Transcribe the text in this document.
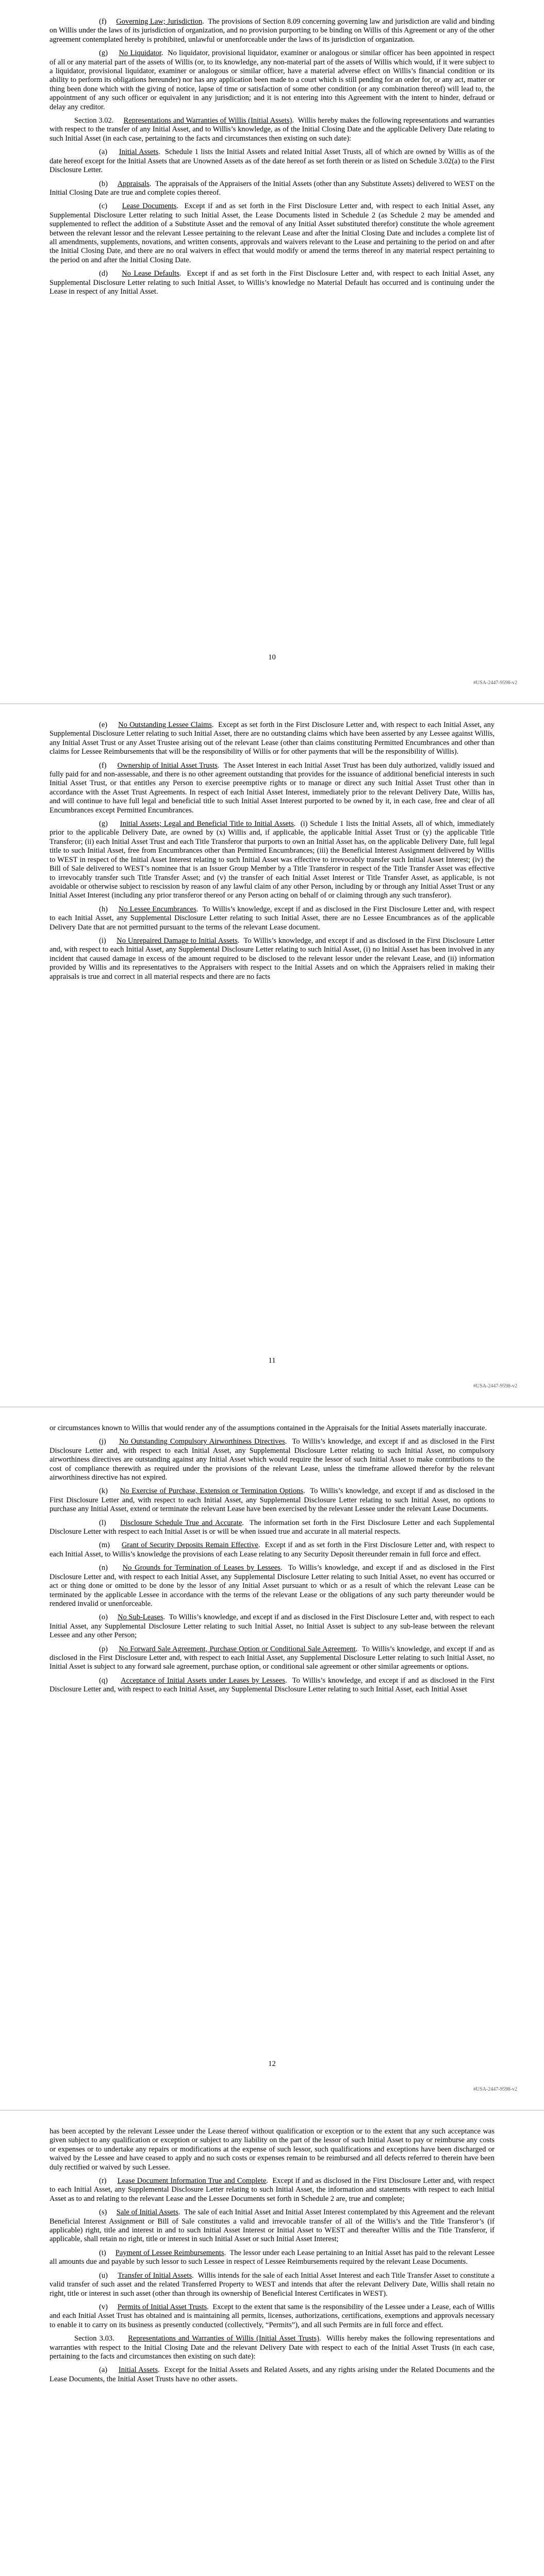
(f) Governing Law; Jurisdiction.  The provisions of Section 8.09 concerning governing law and jurisdiction are valid and binding on Willis under the laws of its jurisdiction of organization, and no provision purporting to be binding on Willis of this Agreement or any of the other agreement contemplated hereby is prohibited, unlawful or unenforceable under the laws of its jurisdiction of organization.

(g) No Liquidator.  No liquidator, provisional liquidator, examiner or analogous or similar officer has been appointed in respect of all or any material part of the assets of Willis (or, to its knowledge, any non-material part of the assets of Willis which would, if it were subject to a liquidator, provisional liquidator, examiner or analogous or similar officer, have a material adverse effect on Willis’s financial condition or its ability to perform its obligations hereunder) nor has any application been made to a court which is still pending for an order for, or any act, matter or thing been done which with the giving of notice, lapse of time or satisfaction of some other condition (or any combination thereof) will lead to, the appointment of any such officer or equivalent in any jurisdiction; and it is not entering into this Agreement with the intent to hinder, defraud or delay any creditor.

Section 3.02. Representations and Warranties of Willis (Initial Assets).  Willis hereby makes the following representations and warranties with respect to the transfer of any Initial Asset, and to Willis’s knowledge, as of the Initial Closing Date and the applicable Delivery Date relating to such Initial Asset (in each case, pertaining to the facts and circumstances then existing on such date):

(a) Initial Assets.  Schedule 1 lists the Initial Assets and related Initial Asset Trusts, all of which are owned by Willis as of the date hereof except for the Initial Assets that are Unowned Assets as of the date hereof as set forth therein or as listed on Schedule 3.02(a) to the First Disclosure Letter.

(b) Appraisals.  The appraisals of the Appraisers of the Initial Assets (other than any Substitute Assets) delivered to WEST on the Initial Closing Date are true and complete copies thereof.

(c) Lease Documents.  Except if and as set forth in the First Disclosure Letter and, with respect to each Initial Asset, any Supplemental Disclosure Letter relating to such Initial Asset, the Lease Documents listed in Schedule 2 (as Schedule 2 may be amended and supplemented to reflect the addition of a Substitute Asset and the removal of any Initial Asset substituted therefor) constitute the whole agreement between the relevant lessor and the relevant Lessee pertaining to the relevant Lease and after the Initial Closing Date and includes a complete list of all amendments, supplements, novations, and written consents, approvals and waivers relevant to the Lease and pertaining to the period on and after the Initial Closing Date, and there are no oral waivers in effect that would modify or amend the terms thereof in any material respect pertaining to the period on and after the Initial Closing Date.

(d) No Lease Defaults.  Except if and as set forth in the First Disclosure Letter and, with respect to each Initial Asset, any Supplemental Disclosure Letter relating to such Initial Asset, to Willis’s knowledge no Material Default has occurred and is continuing under the Lease in respect of any Initial Asset.

10
#USA-2447-9598-v2

(e) No Outstanding Lessee Claims.  Except as set forth in the First Disclosure Letter and, with respect to each Initial Asset, any Supplemental Disclosure Letter relating to such Initial Asset, there are no outstanding claims which have been asserted by any Lessee against Willis, any Initial Asset Trust or any Asset Trustee arising out of the relevant Lease (other than claims constituting Permitted Encumbrances and other than claims for Lessee Reimbursements that will be the responsibility of Willis or for other payments that will be the responsibility of Willis).

(f) Ownership of Initial Asset Trusts.  The Asset Interest in each Initial Asset Trust has been duly authorized, validly issued and fully paid for and non-assessable, and there is no other agreement outstanding that provides for the issuance of additional beneficial interests in such Initial Asset Trust, or that entitles any Person to exercise preemptive rights or to manage or direct any such Initial Asset Trust other than in accordance with the Asset Trust Agreements. In respect of each Initial Asset Interest, immediately prior to the relevant Delivery Date, Willis has, and will continue to have full legal and beneficial title to such Initial Asset Interest purported to be owned by it, in each case, free and clear of all Encumbrances except Permitted Encumbrances.

(g) Initial Assets; Legal and Beneficial Title to Initial Assets.  (i) Schedule 1 lists the Initial Assets, all of which, immediately prior to the applicable Delivery Date, are owned by (x) Willis and, if applicable, the applicable Initial Asset Trust or (y) the applicable Title Transferor; (ii) each Initial Asset Trust and each Title Transferor that purports to own an Initial Asset has, on the applicable Delivery Date, full legal title to such Initial Asset, free from Encumbrances other than Permitted Encumbrances; (iii) the Beneficial Interest Assignment delivered by Willis to WEST in respect of the Initial Asset Interest relating to such Initial Asset was effective to irrevocably transfer such Initial Asset Interest; (iv) the Bill of Sale delivered to WEST’s nominee that is an Issuer Group Member by a Title Transferor in respect of the Title Transfer Asset was effective to irrevocably transfer such Title Transfer Asset; and (v) the transfer of each Initial Asset Interest or Title Transfer Asset, as applicable, is not avoidable or otherwise subject to rescission by reason of any lawful claim of any other Person, including by or through any Initial Asset Trust or any Initial Asset Interest (including any prior transferor thereof or any Person acting on behalf of or claiming through any such transferor).

(h) No Lessee Encumbrances.  To Willis’s knowledge, except if and as disclosed in the First Disclosure Letter and, with respect to each Initial Asset, any Supplemental Disclosure Letter relating to such Initial Asset, there are no Lessee Encumbrances as of the applicable Delivery Date that are not permitted pursuant to the terms of the relevant Lease document.

(i) No Unrepaired Damage to Initial Assets.  To Willis’s knowledge, and except if and as disclosed in the First Disclosure Letter and, with respect to each Initial Asset, any Supplemental Disclosure Letter relating to such Initial Asset, (i) no Initial Asset has been involved in any incident that caused damage in excess of the amount required to be disclosed to the relevant lessor under the relevant Lease, and (ii) information provided by Willis and its representatives to the Appraisers with respect to the Initial Assets and on which the Appraisers relied in making their appraisals is true and correct in all material respects and there are no facts

11
#USA-2447-9598-v2

or circumstances known to Willis that would render any of the assumptions contained in the Appraisals for the Initial Assets materially inaccurate.

(j) No Outstanding Compulsory Airworthiness Directives.  To Willis’s knowledge, and except if and as disclosed in the First Disclosure Letter and, with respect to each Initial Asset, any Supplemental Disclosure Letter relating to such Initial Asset, no compulsory airworthiness directives are outstanding against any Initial Asset which would require the lessor of such Initial Asset to make contributions to the cost of compliance therewith as required under the provisions of the relevant Lease, unless the timeframe allowed therefor by the relevant airworthiness directive has not expired.

(k) No Exercise of Purchase, Extension or Termination Options.  To Willis’s knowledge, and except if and as disclosed in the First Disclosure Letter and, with respect to each Initial Asset, any Supplemental Disclosure Letter relating to such Initial Asset, no options to purchase any Initial Asset, extend or terminate the relevant Lease have been exercised by the relevant Lessee under the relevant Lease Documents.

(l) Disclosure Schedule True and Accurate.  The information set forth in the First Disclosure Letter and each Supplemental Disclosure Letter with respect to each Initial Asset is or will be when issued true and accurate in all material respects.

(m) Grant of Security Deposits Remain Effective.  Except if and as set forth in the First Disclosure Letter and, with respect to each Initial Asset, to Willis’s knowledge the provisions of each Lease relating to any Security Deposit thereunder remain in full force and effect.

(n) No Grounds for Termination of Leases by Lessees.  To Willis’s knowledge, and except if and as disclosed in the First Disclosure Letter and, with respect to each Initial Asset, any Supplemental Disclosure Letter relating to such Initial Asset, no event has occurred or act or thing done or omitted to be done by the lessor of any Initial Asset pursuant to which or as a result of which the relevant Lease can be terminated by the applicable Lessee in accordance with the terms of the relevant Lease or the obligations of any such party thereunder would be rendered invalid or unenforceable.

(o) No Sub-Leases.  To Willis’s knowledge, and except if and as disclosed in the First Disclosure Letter and, with respect to each Initial Asset, any Supplemental Disclosure Letter relating to such Initial Asset, no Initial Asset is subject to any sub-lease between the relevant Lessee and any other Person;

(p) No Forward Sale Agreement, Purchase Option or Conditional Sale Agreement.  To Willis’s knowledge, and except if and as disclosed in the First Disclosure Letter and, with respect to each Initial Asset, any Supplemental Disclosure Letter relating to such Initial Asset, no Initial Asset is subject to any forward sale agreement, purchase option, or conditional sale agreement or other similar agreements or options.

(q) Acceptance of Initial Assets under Leases by Lessees.  To Willis’s knowledge, and except if and as disclosed in the First Disclosure Letter and, with respect to each Initial Asset, any Supplemental Disclosure Letter relating to such Initial Asset, each Initial Asset

12
#USA-2447-9598-v2

has been accepted by the relevant Lessee under the Lease thereof without qualification or exception or to the extent that any such acceptance was given subject to any qualification or exception or subject to any liability on the part of the lessor of such Initial Asset to pay or reimburse any costs or expenses or to undertake any repairs or modifications at the expense of such lessor, such qualifications and exceptions have been discharged or waived by the Lessee and have ceased to apply and no such costs or expenses remain to be reimbursed and all defects referred to therein have been duly rectified or waived by such Lessee.

(r) Lease Document Information True and Complete.  Except if and as disclosed in the First Disclosure Letter and, with respect to each Initial Asset, any Supplemental Disclosure Letter relating to such Initial Asset, the information and statements with respect to each Initial Asset as to and relating to the relevant Lease and the Lessee Documents set forth in Schedule 2 are, true and complete;

(s) Sale of Initial Assets.  The sale of each Initial Asset and Initial Asset Interest contemplated by this Agreement and the relevant Beneficial Interest Assignment or Bill of Sale constitutes a valid and irrevocable transfer of all of the Willis’s and the Title Transferor’s (if applicable) right, title and interest in and to such Initial Asset Interest or Initial Asset to WEST and thereafter Willis and the Title Transferor, if applicable, shall retain no right, title or interest in such Initial Asset or such Initial Asset Interest;

(t) Payment of Lessee Reimbursements.  The lessor under each Lease pertaining to an Initial Asset has paid to the relevant Lessee all amounts due and payable by such lessor to such Lessee in respect of Lessee Reimbursements required by the relevant Lease Documents.

(u) Transfer of Initial Assets.  Willis intends for the sale of each Initial Asset Interest and each Title Transfer Asset to constitute a valid transfer of such asset and the related Transferred Property to WEST and intends that after the relevant Delivery Date, Willis shall retain no right, title or interest in such asset (other than through its ownership of Beneficial Interest Certificates in WEST).

(v) Permits of Initial Asset Trusts.  Except to the extent that same is the responsibility of the Lessee under a Lease, each of Willis and each Initial Asset Trust has obtained and is maintaining all permits, licenses, authorizations, certifications, exemptions and approvals necessary to enable it to carry on its business as presently conducted (collectively, “Permits”), and all such Permits are in full force and effect.

Section 3.03. Representations and Warranties of Willis (Initial Asset Trusts).  Willis hereby makes the following representations and warranties with respect to the Initial Closing Date and the relevant Delivery Date with respect to each of the Initial Asset Trusts (in each case, pertaining to the facts and circumstances then existing on such date):

(a) Initial Assets.  Except for the Initial Assets and Related Assets, and any rights arising under the Related Documents and the Lease Documents, the Initial Asset Trusts have no other assets.
